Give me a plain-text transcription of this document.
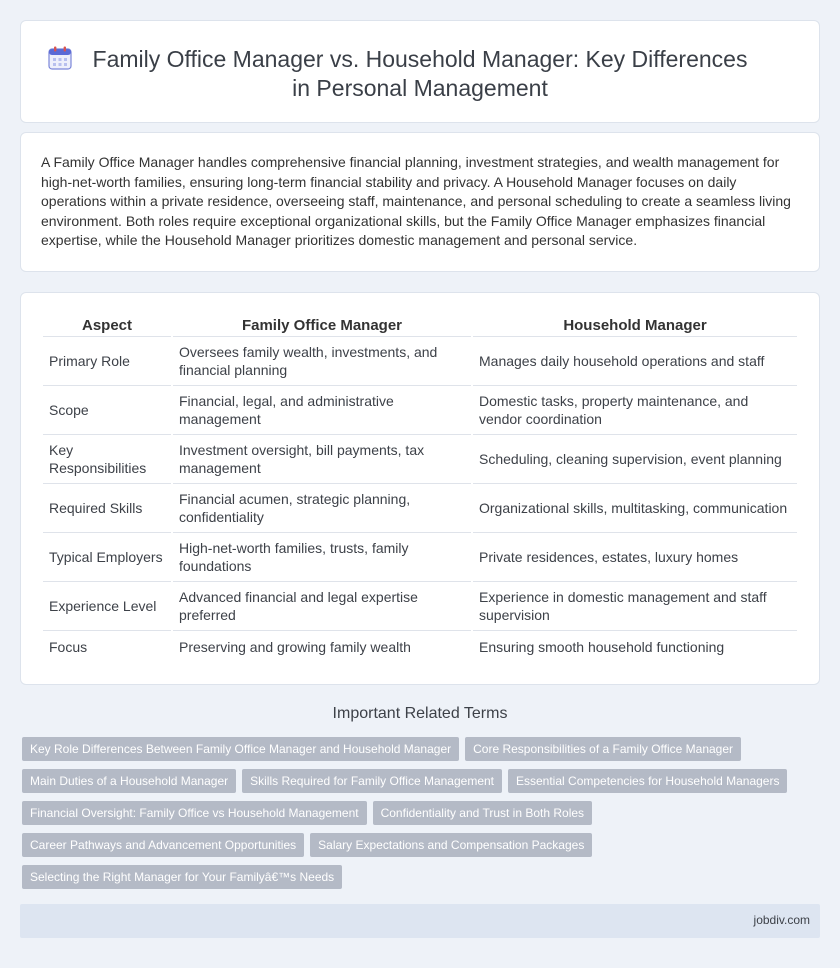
Family Office Manager vs. Household Manager: Key Differences in Personal Management

A Family Office Manager handles comprehensive financial planning, investment strategies, and wealth management for high-net-worth families, ensuring long-term financial stability and privacy. A Household Manager focuses on daily operations within a private residence, overseeing staff, maintenance, and personal scheduling to create a seamless living environment. Both roles require exceptional organizational skills, but the Family Office Manager emphasizes financial expertise, while the Household Manager prioritizes domestic management and personal service.

Aspect	Family Office Manager	Household Manager
Primary Role	Oversees family wealth, investments, and financial planning	Manages daily household operations and staff
Scope	Financial, legal, and administrative management	Domestic tasks, property maintenance, and vendor coordination
Key Responsibilities	Investment oversight, bill payments, tax management	Scheduling, cleaning supervision, event planning
Required Skills	Financial acumen, strategic planning, confidentiality	Organizational skills, multitasking, communication
Typical Employers	High-net-worth families, trusts, family foundations	Private residences, estates, luxury homes
Experience Level	Advanced financial and legal expertise preferred	Experience in domestic management and staff supervision
Focus	Preserving and growing family wealth	Ensuring smooth household functioning
Important Related Terms
Key Role Differences Between Family Office Manager and Household Manager	Core Responsibilities of a Family Office Manager
Main Duties of a Household Manager	Skills Required for Family Office Management	Essential Competencies for Household Managers
Financial Oversight: Family Office vs Household Management	Confidentiality and Trust in Both Roles
Career Pathways and Advancement Opportunities	Salary Expectations and Compensation Packages
Selecting the Right Manager for Your Familyâ€™s Needs
jobdiv.com
